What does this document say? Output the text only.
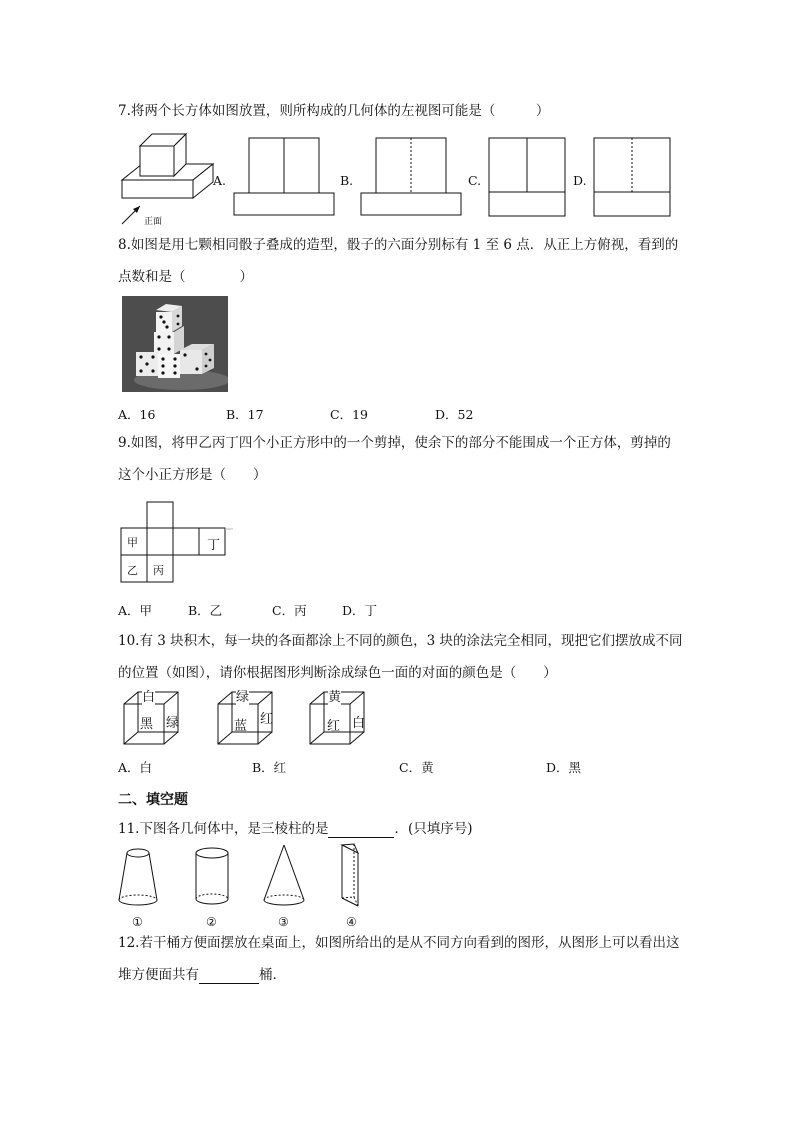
7.将两个长方体如图放置，则所构成的几何体的左视图可能是（　　　）
正面
A.	B.	C.	D.
8.如图是用七颗相同骰子叠成的造型，骰子的六面分别标有 1 至 6 点．从正上方俯视，看到的
点数和是（　　　　）
A．16	B．17	C．19	D．52
9.如图，将甲乙丙丁四个小正方形中的一个剪掉，使余下的部分不能围成一个正方体，剪掉的
这个小正方形是（　　）
甲
乙 丙
丁
A．甲	B．乙	C．丙	D．丁
10.有 3 块积木，每一块的各面都涂上不同的颜色，3 块的涂法完全相同，现把它们摆放成不同
的位置（如图），请你根据图形判断涂成绿色一面的对面的颜色是（　　）
白
黑 绿
绿
蓝 红
黄
红 白
A．白	B．红	C．黄	D．黑
二、填空题
11.下图各几何体中，是三棱柱的是	．(只填序号)
①	②	③	④
12.若干桶方便面摆放在桌面上，如图所给出的是从不同方向看到的图形，从图形上可以看出这
堆方便面共有	桶．
